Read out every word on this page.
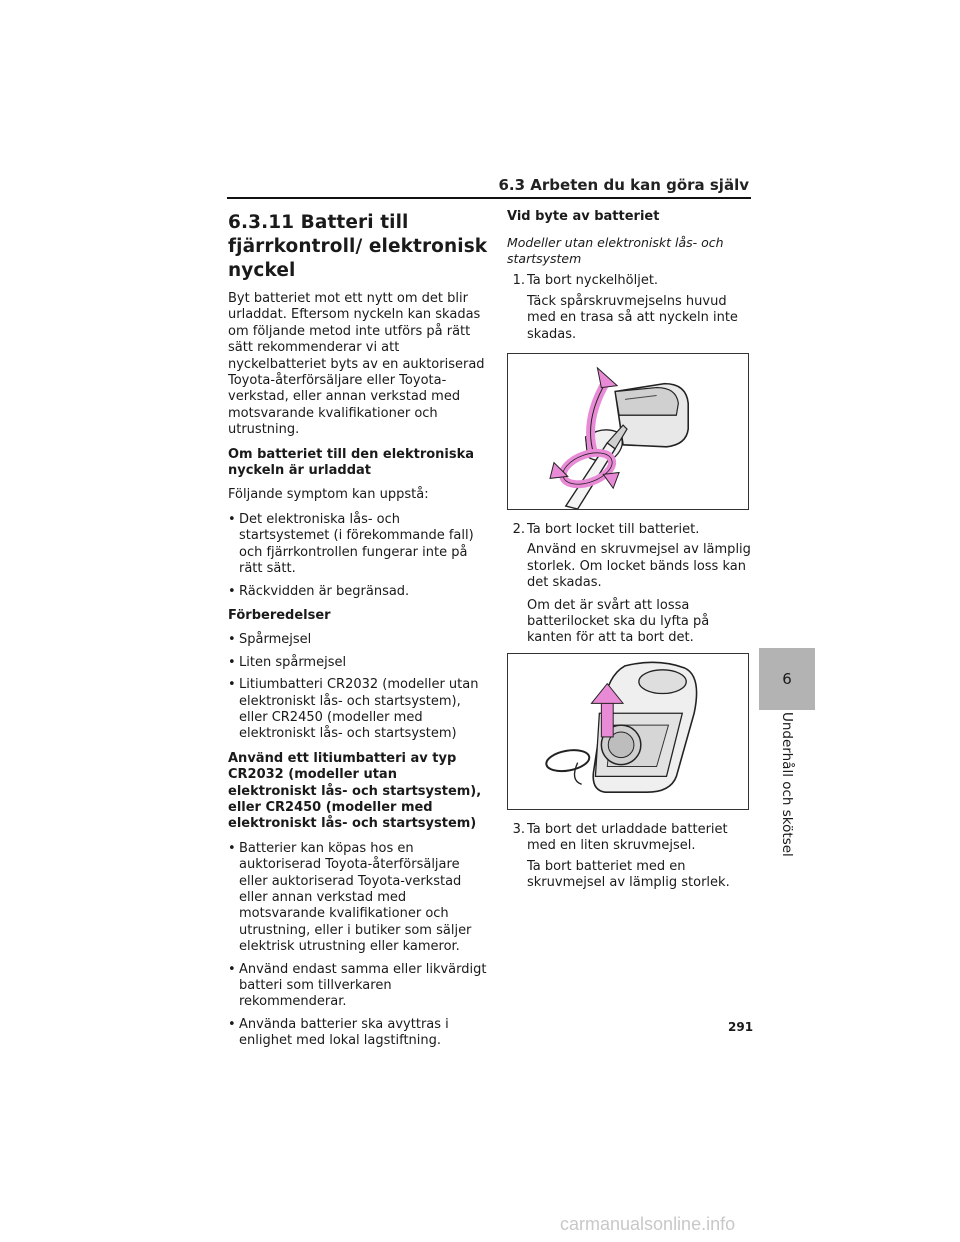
6.3 Arbeten du kan göra själv
6.3.11 Batteri till fjärrkontroll/ elektronisk nyckel

Byt batteriet mot ett nytt om det blir urladdat. Eftersom nyckeln kan skadas om följande metod inte utförs på rätt sätt rekommenderar vi att nyckelbatteriet byts av en auktoriserad Toyota-återförsäljare eller Toyota-verkstad, eller annan verkstad med motsvarande kvalifikationer och utrustning.

Om batteriet till den elektroniska nyckeln är urladdat

Följande symptom kan uppstå:

• Det elektroniska lås- och startsystemet (i förekommande fall) och fjärrkontrollen fungerar inte på rätt sätt.
• Räckvidden är begränsad.

Förberedelser

• Spårmejsel
• Liten spårmejsel
• Litiumbatteri CR2032 (modeller utan elektroniskt lås- och startsystem), eller CR2450 (modeller med elektroniskt lås- och startsystem)

Använd ett litiumbatteri av typ CR2032 (modeller utan elektroniskt lås- och startsystem), eller CR2450 (modeller med elektroniskt lås- och startsystem)

• Batterier kan köpas hos en auktoriserad Toyota-återförsäljare eller auktoriserad Toyota-verkstad eller annan verkstad med motsvarande kvalifikationer och utrustning, eller i butiker som säljer elektrisk utrustning eller kameror.
• Använd endast samma eller likvärdigt batteri som tillverkaren rekommenderar.
• Använda batterier ska avyttras i enlighet med lokal lagstiftning.

Vid byte av batteriet

Modeller utan elektroniskt lås- och startsystem

1. Ta bort nyckelhöljet.
Täck spårskruvmejselns huvud med en trasa så att nyckeln inte skadas.
2. Ta bort locket till batteriet.
Använd en skruvmejsel av lämplig storlek. Om locket bänds loss kan det skadas.
Om det är svårt att lossa batterilocket ska du lyfta på kanten för att ta bort det.
3. Ta bort det urladdade batteriet med en liten skruvmejsel.
Ta bort batteriet med en skruvmejsel av lämplig storlek.
6
Underhåll och skötsel
291
carmanualsonline.info
